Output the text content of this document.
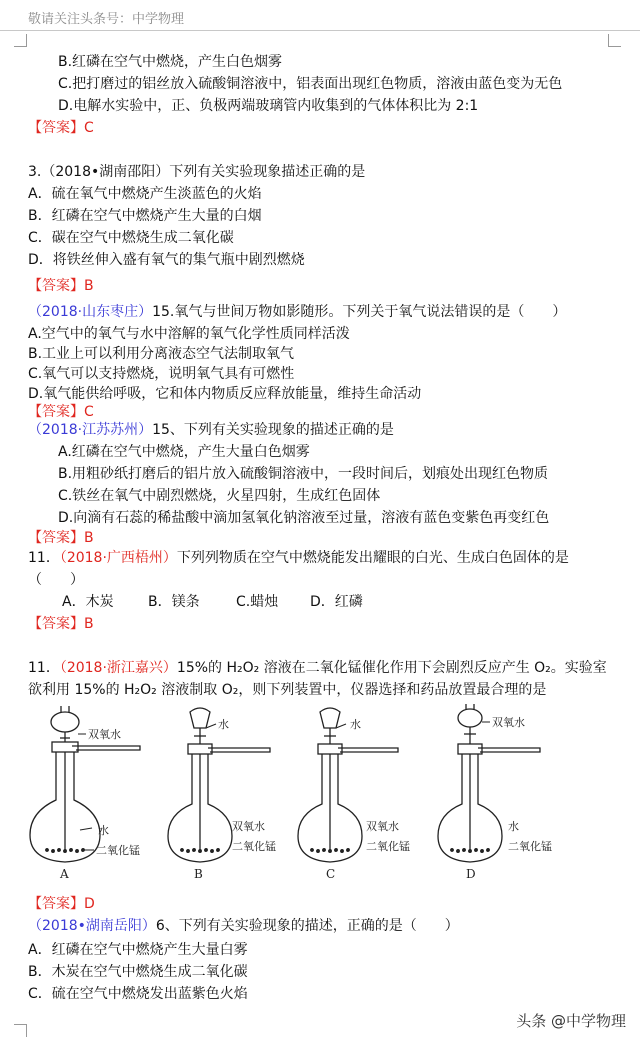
敬请关注头条号：中学物理
B.红磷在空气中燃烧，产生白色烟雾
C.把打磨过的铝丝放入硫酸铜溶液中，铝表面出现红色物质，溶液由蓝色变为无色
D.电解水实验中，正、负极两端玻璃管内收集到的气体体积比为 2:1
【答案】C
3.（2018•湖南邵阳）下列有关实验现象描述正确的是
A．硫在氧气中燃烧产生淡蓝色的火焰
B．红磷在空气中燃烧产生大量的白烟
C．碳在空气中燃烧生成二氧化碳
D．将铁丝伸入盛有氧气的集气瓶中剧烈燃烧
【答案】B
（2018·山东枣庄）15.氧气与世间万物如影随形。下列关于氧气说法错误的是（　　）
A.空气中的氧气与水中溶解的氧气化学性质同样活泼
B.工业上可以利用分离液态空气法制取氧气
C.氧气可以支持燃烧，说明氧气具有可燃性
D.氧气能供给呼吸，它和体内物质反应释放能量，维持生命活动
【答案】C
（2018·江苏苏州）15、下列有关实验现象的描述正确的是
A.红磷在空气中燃烧，产生大量白色烟雾
B.用粗砂纸打磨后的铝片放入硫酸铜溶液中，一段时间后，划痕处出现红色物质
C.铁丝在氧气中剧烈燃烧，火星四射，生成红色固体
D.向滴有石蕊的稀盐酸中滴加氢氧化钠溶液至过量，溶液有蓝色变紫色再变红色
【答案】B
11．（2018·广西梧州）下列列物质在空气中燃烧能发出耀眼的白光、生成白色固体的是
（　　）
A．木炭 B．镁条	C.蜡烛 D．红磷
【答案】B
11．（2018·浙江嘉兴）15%的 H₂O₂ 溶液在二氧化锰催化作用下会剧烈反应产生 O₂。实验室
欲利用 15%的 H₂O₂ 溶液制取 O₂，则下列装置中，仪器选择和药品放置最合理的是
双氧水
水
二氧化锰
A
水
双氧水
二氧化锰
B
水
双氧水
二氧化锰
C
双氧水
水
二氧化锰
D
【答案】D
（2018•湖南岳阳）6、下列有关实验现象的描述，正确的是（　　）
A．红磷在空气中燃烧产生大量白雾
B．木炭在空气中燃烧生成二氧化碳
C．硫在空气中燃烧发出蓝紫色火焰
头条 @中学物理
